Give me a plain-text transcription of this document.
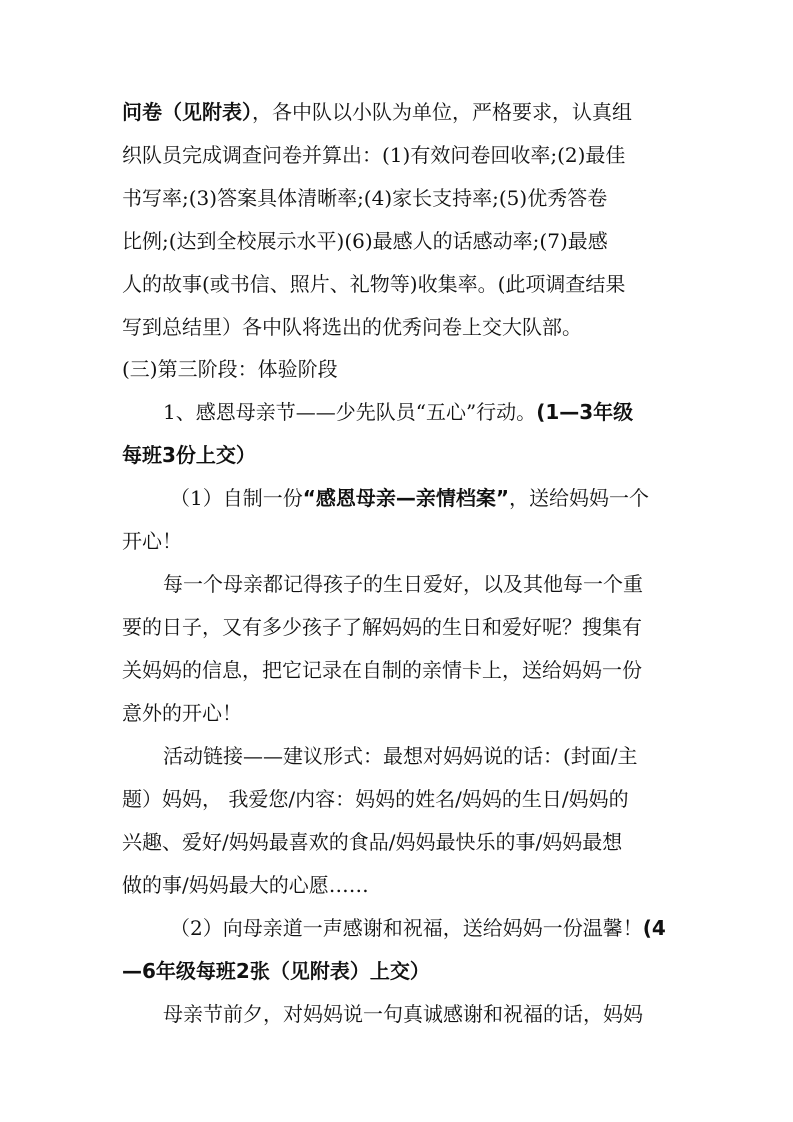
问卷（见附表），各中队以小队为单位，严格要求，认真组
织队员完成调查问卷并算出：(1)有效问卷回收率;(2)最佳
书写率;(3)答案具体清晰率;(4)家长支持率;(5)优秀答卷
比例;(达到全校展示水平)(6)最感人的话感动率;(7)最感
人的故事(或书信、照片、礼物等)收集率。(此项调查结果
写到总结里）各中队将选出的优秀问卷上交大队部。
(三)第三阶段：体验阶段
1、感恩母亲节——少先队员“五心”行动。(1—3年级
每班3份上交）
（1）自制一份“感恩母亲—亲情档案”，送给妈妈一个
开心！
每一个母亲都记得孩子的生日爱好，以及其他每一个重
要的日子，又有多少孩子了解妈妈的生日和爱好呢？搜集有
关妈妈的信息，把它记录在自制的亲情卡上，送给妈妈一份
意外的开心！
活动链接——建议形式：最想对妈妈说的话：(封面/主
题）妈妈， 我爱您/内容：妈妈的姓名/妈妈的生日/妈妈的
兴趣、爱好/妈妈最喜欢的食品/妈妈最快乐的事/妈妈最想
做的事/妈妈最大的心愿……
（2）向母亲道一声感谢和祝福，送给妈妈一份温馨！(4
—6年级每班2张（见附表）上交）
母亲节前夕，对妈妈说一句真诚感谢和祝福的话，妈妈
